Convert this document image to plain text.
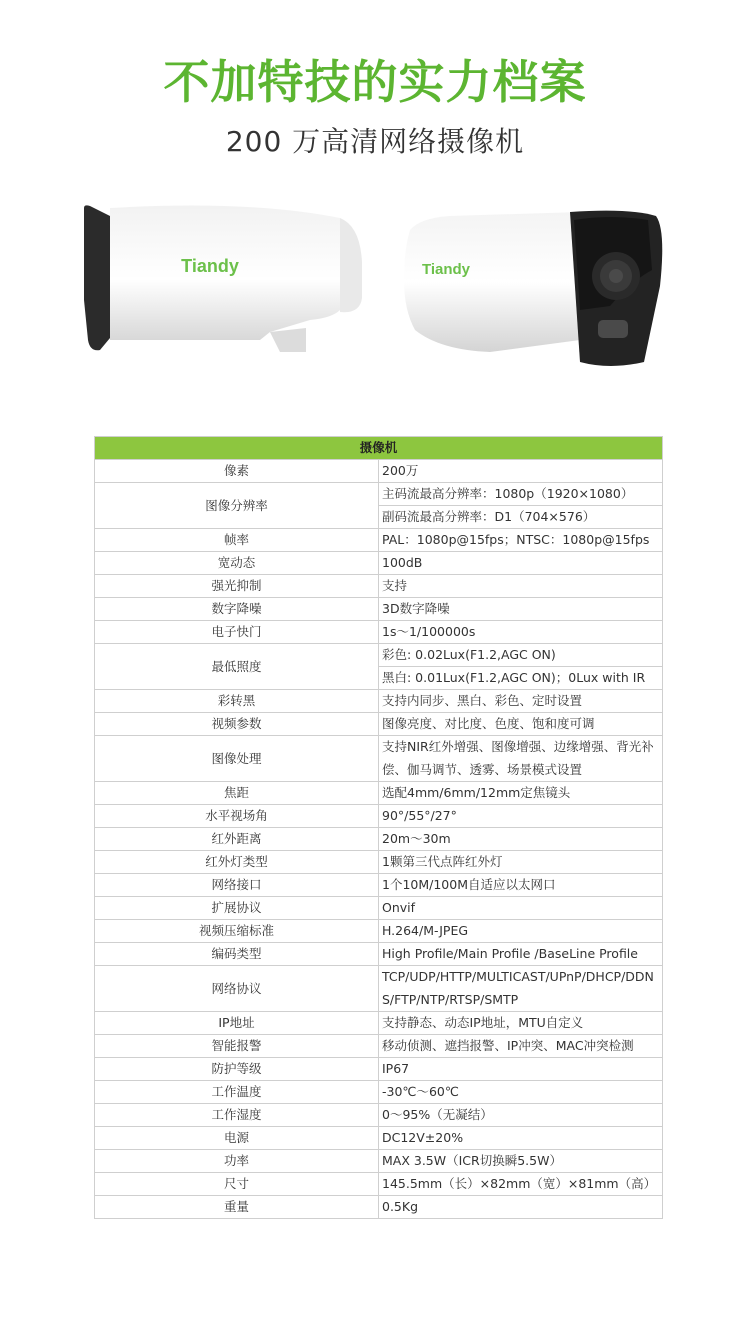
不加特技的实力档案
200 万高清网络摄像机
Tiandy	Tiandy
摄像机	
像素	200万
图像分辨率	主码流最高分辨率：1080p（1920×1080）
	副码流最高分辨率：D1（704×576）
帧率	PAL：1080p@15fps；NTSC：1080p@15fps
宽动态	100dB
强光抑制	支持
数字降噪	3D数字降噪
电子快门	1s～1/100000s
最低照度	彩色: 0.02Lux(F1.2,AGC ON)
	黑白: 0.01Lux(F1.2,AGC ON)；0Lux with IR
彩转黑	支持内同步、黑白、彩色、定时设置
视频参数	图像亮度、对比度、色度、饱和度可调
图像处理	支持NIR红外增强、图像增强、边缘增强、背光补偿、伽马调节、透雾、场景模式设置
焦距	选配4mm/6mm/12mm定焦镜头
水平视场角	90°/55°/27°
红外距离	20m～30m
红外灯类型	1颗第三代点阵红外灯
网络接口	1个10M/100M自适应以太网口
扩展协议	Onvif
视频压缩标准	H.264/M-JPEG
编码类型	High Profile/Main Profile /BaseLine Profile
网络协议	TCP/UDP/HTTP/MULTICAST/UPnP/DHCP/DDNS/FTP/NTP/RTSP/SMTP
IP地址	支持静态、动态IP地址，MTU自定义
智能报警	移动侦测、遮挡报警、IP冲突、MAC冲突检测
防护等级	IP67
工作温度	-30℃～60℃
工作湿度	0～95%（无凝结）
电源	DC12V±20%
功率	MAX 3.5W（ICR切换瞬5.5W）
尺寸	145.5mm（长）×82mm（宽）×81mm（高）
重量	0.5Kg
